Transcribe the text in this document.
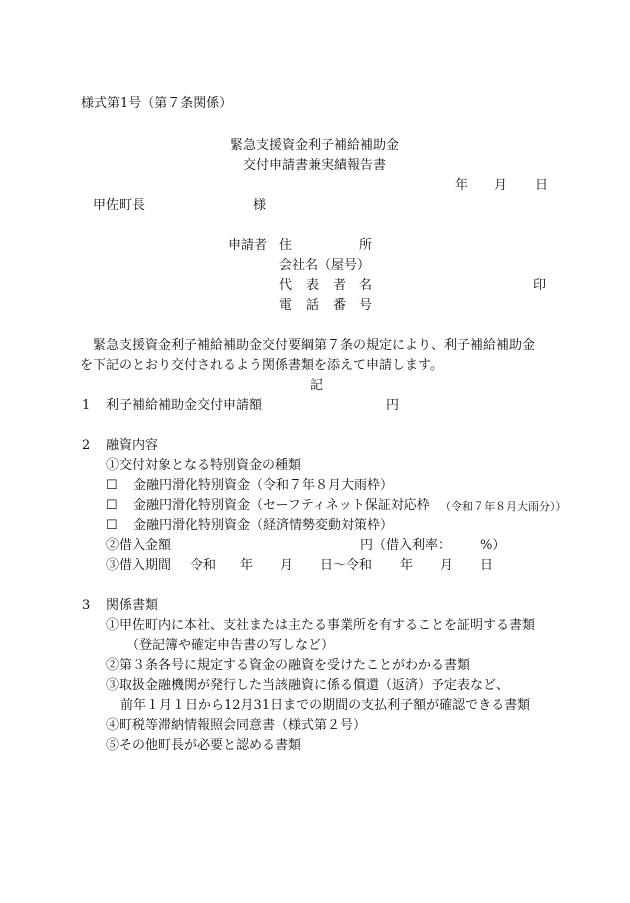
様式第1号（第７条関係）
緊急支援資金利子補給補助金
交付申請書兼実績報告書
年 月 日
甲佐町長	様
申請者 住	所
会社名（屋号）
代 表 者 名	印
電 話 番 号
緊急支援資金利子補給補助金交付要綱第７条の規定により、利子補給補助金
を下記のとおり交付されるよう関係書類を添えて申請します。
記
1 利子補給補助金交付申請額	円
2 融資内容
①交付対象となる特別資金の種類
☐ 金融円滑化特別資金（令和７年８月大雨枠）
☐ 金融円滑化特別資金（セーフティネット保証対応枠 （令和７年８月大雨分））
☐ 金融円滑化特別資金（経済情勢変動対策枠）
②借入金額	円（借入利率： %）
③借入期間 令和 年 月 日～令和 年 月 日
3 関係書類
①甲佐町内に本社、支社または主たる事業所を有することを証明する書類
（登記簿や確定申告書の写しなど）
②第３条各号に規定する資金の融資を受けたことがわかる書類
③取扱金融機関が発行した当該融資に係る償還（返済）予定表など、
前年１月１日から12月31日までの期間の支払利子額が確認できる書類
④町税等滞納情報照会同意書（様式第２号）
⑤その他町長が必要と認める書類
